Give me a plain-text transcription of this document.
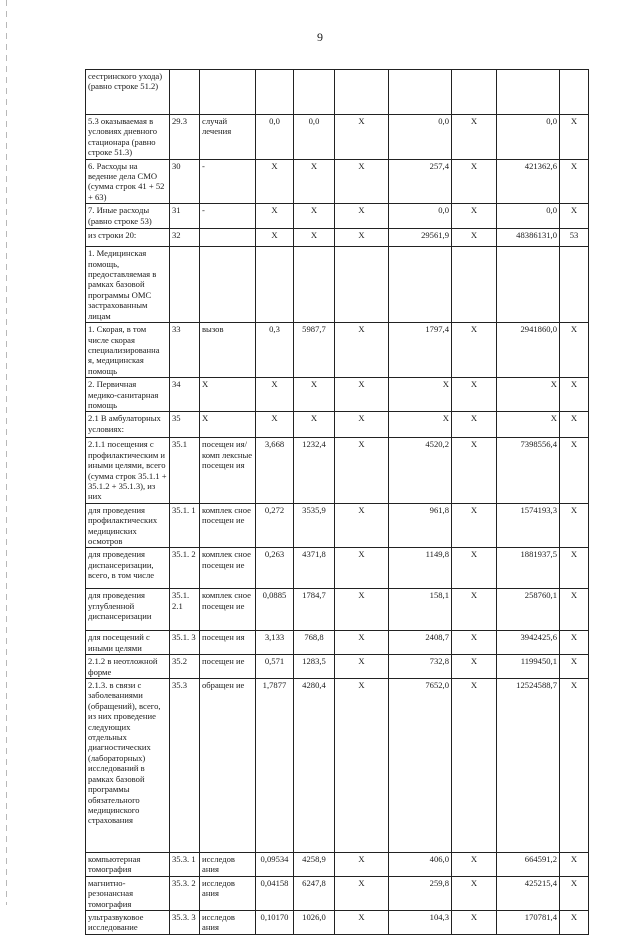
9
сестринского ухода) (равно строке 51.2)									
5.3 оказываемая в условиях дневного стационара (равно строке 51.3)	29.3	случай лечения	0,0	0,0	Х	0,0	Х	0,0	Х
6. Расходы на ведение дела СМО (сумма строк 41 + 52 + 63)	30	-	Х	Х	Х	257,4	Х	421362,6	Х
7. Иные расходы (равно строке 53)	31	-	Х	Х	Х	0,0	Х	0,0	Х
из строки 20:	32		Х	Х	Х	29561,9	Х	48386131,0	53
1. Медицинская помощь, предоставляемая в рамках базовой программы ОМС застрахованным лицам									
1. Скорая, в том числе скорая специализированна я, медицинская помощь	33	вызов	0,3	5987,7	Х	1797,4	Х	2941860,0	Х
2. Первичная медико-санитарная помощь	34	Х	Х	Х	Х	Х	Х	Х	Х
2.1 В амбулаторных условиях:	35	Х	Х	Х	Х	Х	Х	Х	Х
2.1.1 посещения с профилактическим и иными целями, всего (сумма строк 35.1.1 + 35.1.2 + 35.1.3), из них	35.1	посещен ия/комп лексные посещен ия	3,668	1232,4	Х	4520,2	Х	7398556,4	Х
для проведения профилактических медицинских осмотров	35.1. 1	комплек сное посещен ие	0,272	3535,9	Х	961,8	Х	1574193,3	Х
для проведения диспансеризации, всего, в том числе	35.1. 2	комплек сное посещен ие	0,263	4371,8	Х	1149,8	Х	1881937,5	Х
для проведения углубленной диспансеризации	35.1. 2.1	комплек сное посещен ие	0,0885	1784,7	Х	158,1	Х	258760,1	Х
для посещений с иными целями	35.1. 3	посещен ия	3,133	768,8	Х	2408,7	Х	3942425,6	Х
2.1.2 в неотложной форме	35.2	посещен ие	0,571	1283,5	Х	732,8	Х	1199450,1	Х
2.1.3. в связи с заболеваниями (обращений), всего, из них проведение следующих отдельных диагностических (лабораторных) исследований в рамках базовой программы обязательного медицинского страхования	35.3	обращен ие	1,7877	4280,4	Х	7652,0	Х	12524588,7	Х
компьютерная томография	35.3. 1	исследов ания	0,09534	4258,9	Х	406,0	Х	664591,2	Х
магнитно-резонансная томография	35.3. 2	исследов ания	0,04158	6247,8	Х	259,8	Х	425215,4	Х
ультразвуковое исследование	35.3. 3	исследов ания	0,10170	1026,0	Х	104,3	Х	170781,4	Х
